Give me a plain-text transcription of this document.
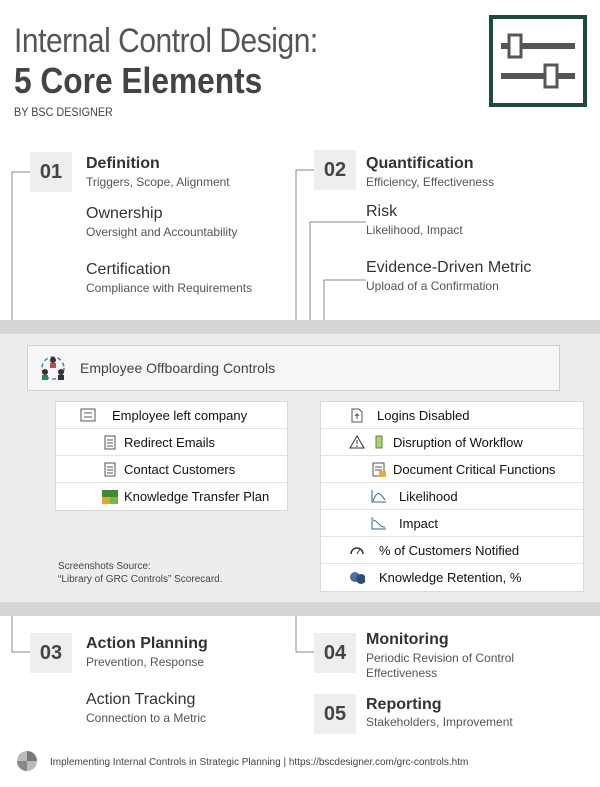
Internal Control Design:
5 Core Elements
BY BSC DESIGNER
01	Definition
Triggers, Scope, Alignment
Ownership
Oversight and Accountability
Certification
Compliance with Requirements
02	Quantification
Efficiency, Effectiveness
Risk
Likelihood, Impact
Evidence-Driven Metric
Upload of a Confirmation
Employee Offboarding Controls
Employee left company
Redirect Emails
Contact Customers
Knowledge Transfer Plan
Logins Disabled
Disruption of Workflow
Document Critical Functions
Likelihood
Impact
% of Customers Notified
Knowledge Retention, %
Screenshots Source:
“Library of GRC Controls” Scorecard.
03	Action Planning
Prevention, Response
Action Tracking
Connection to a Metric
04
Monitoring
Periodic Revision of Control
Effectiveness
05	Reporting
Stakeholders, Improvement
Implementing Internal Controls in Strategic Planning | https://bscdesigner.com/grc-controls.htm
